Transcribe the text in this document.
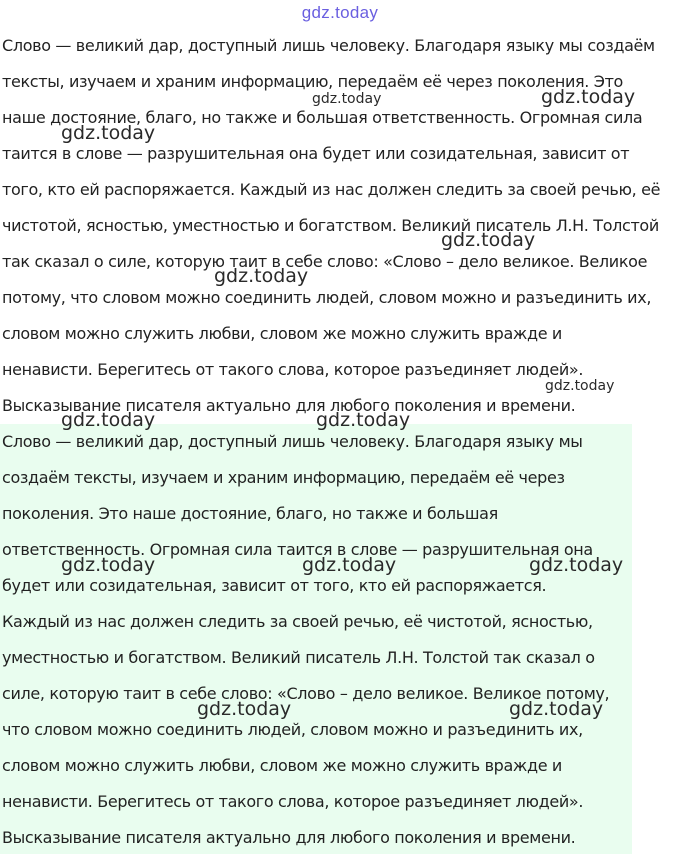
gdz.today

Слово — великий дар, доступный лишь человеку. Благодаря языку мы создаём
тексты, изучаем и храним информацию, передаём её через поколения. Это
наше достояние, благо, но также и большая ответственность. Огромная сила
таится в слове — разрушительная она будет или созидательная, зависит от
того, кто ей распоряжается. Каждый из нас должен следить за своей речью, её
чистотой, ясностью, уместностью и богатством. Великий писатель Л.Н. Толстой
так сказал о силе, которую таит в себе слово: «Слово – дело великое. Великое
потому, что словом можно соединить людей, словом можно и разъединить их,
словом можно служить любви, словом же можно служить вражде и
ненависти. Берегитесь от такого слова, которое разъединяет людей».
Высказывание писателя актуально для любого поколения и времени.

Слово — великий дар, доступный лишь человеку. Благодаря языку мы
создаём тексты, изучаем и храним информацию, передаём её через
поколения. Это наше достояние, благо, но также и большая
ответственность. Огромная сила таится в слове — разрушительная она
будет или созидательная, зависит от того, кто ей распоряжается.
Каждый из нас должен следить за своей речью, её чистотой, ясностью,
уместностью и богатством. Великий писатель Л.Н. Толстой так сказал о
силе, которую таит в себе слово: «Слово – дело великое. Великое потому,
что словом можно соединить людей, словом можно и разъединить их,
словом можно служить любви, словом же можно служить вражде и
ненависти. Берегитесь от такого слова, которое разъединяет людей».
Высказывание писателя актуально для любого поколения и времени.

gdz.today	gdz.today
gdz.today
gdz.today
gdz.today
gdz.today
gdz.today	gdz.today
gdz.today	gdz.today	gdz.today
gdz.today	gdz.today
